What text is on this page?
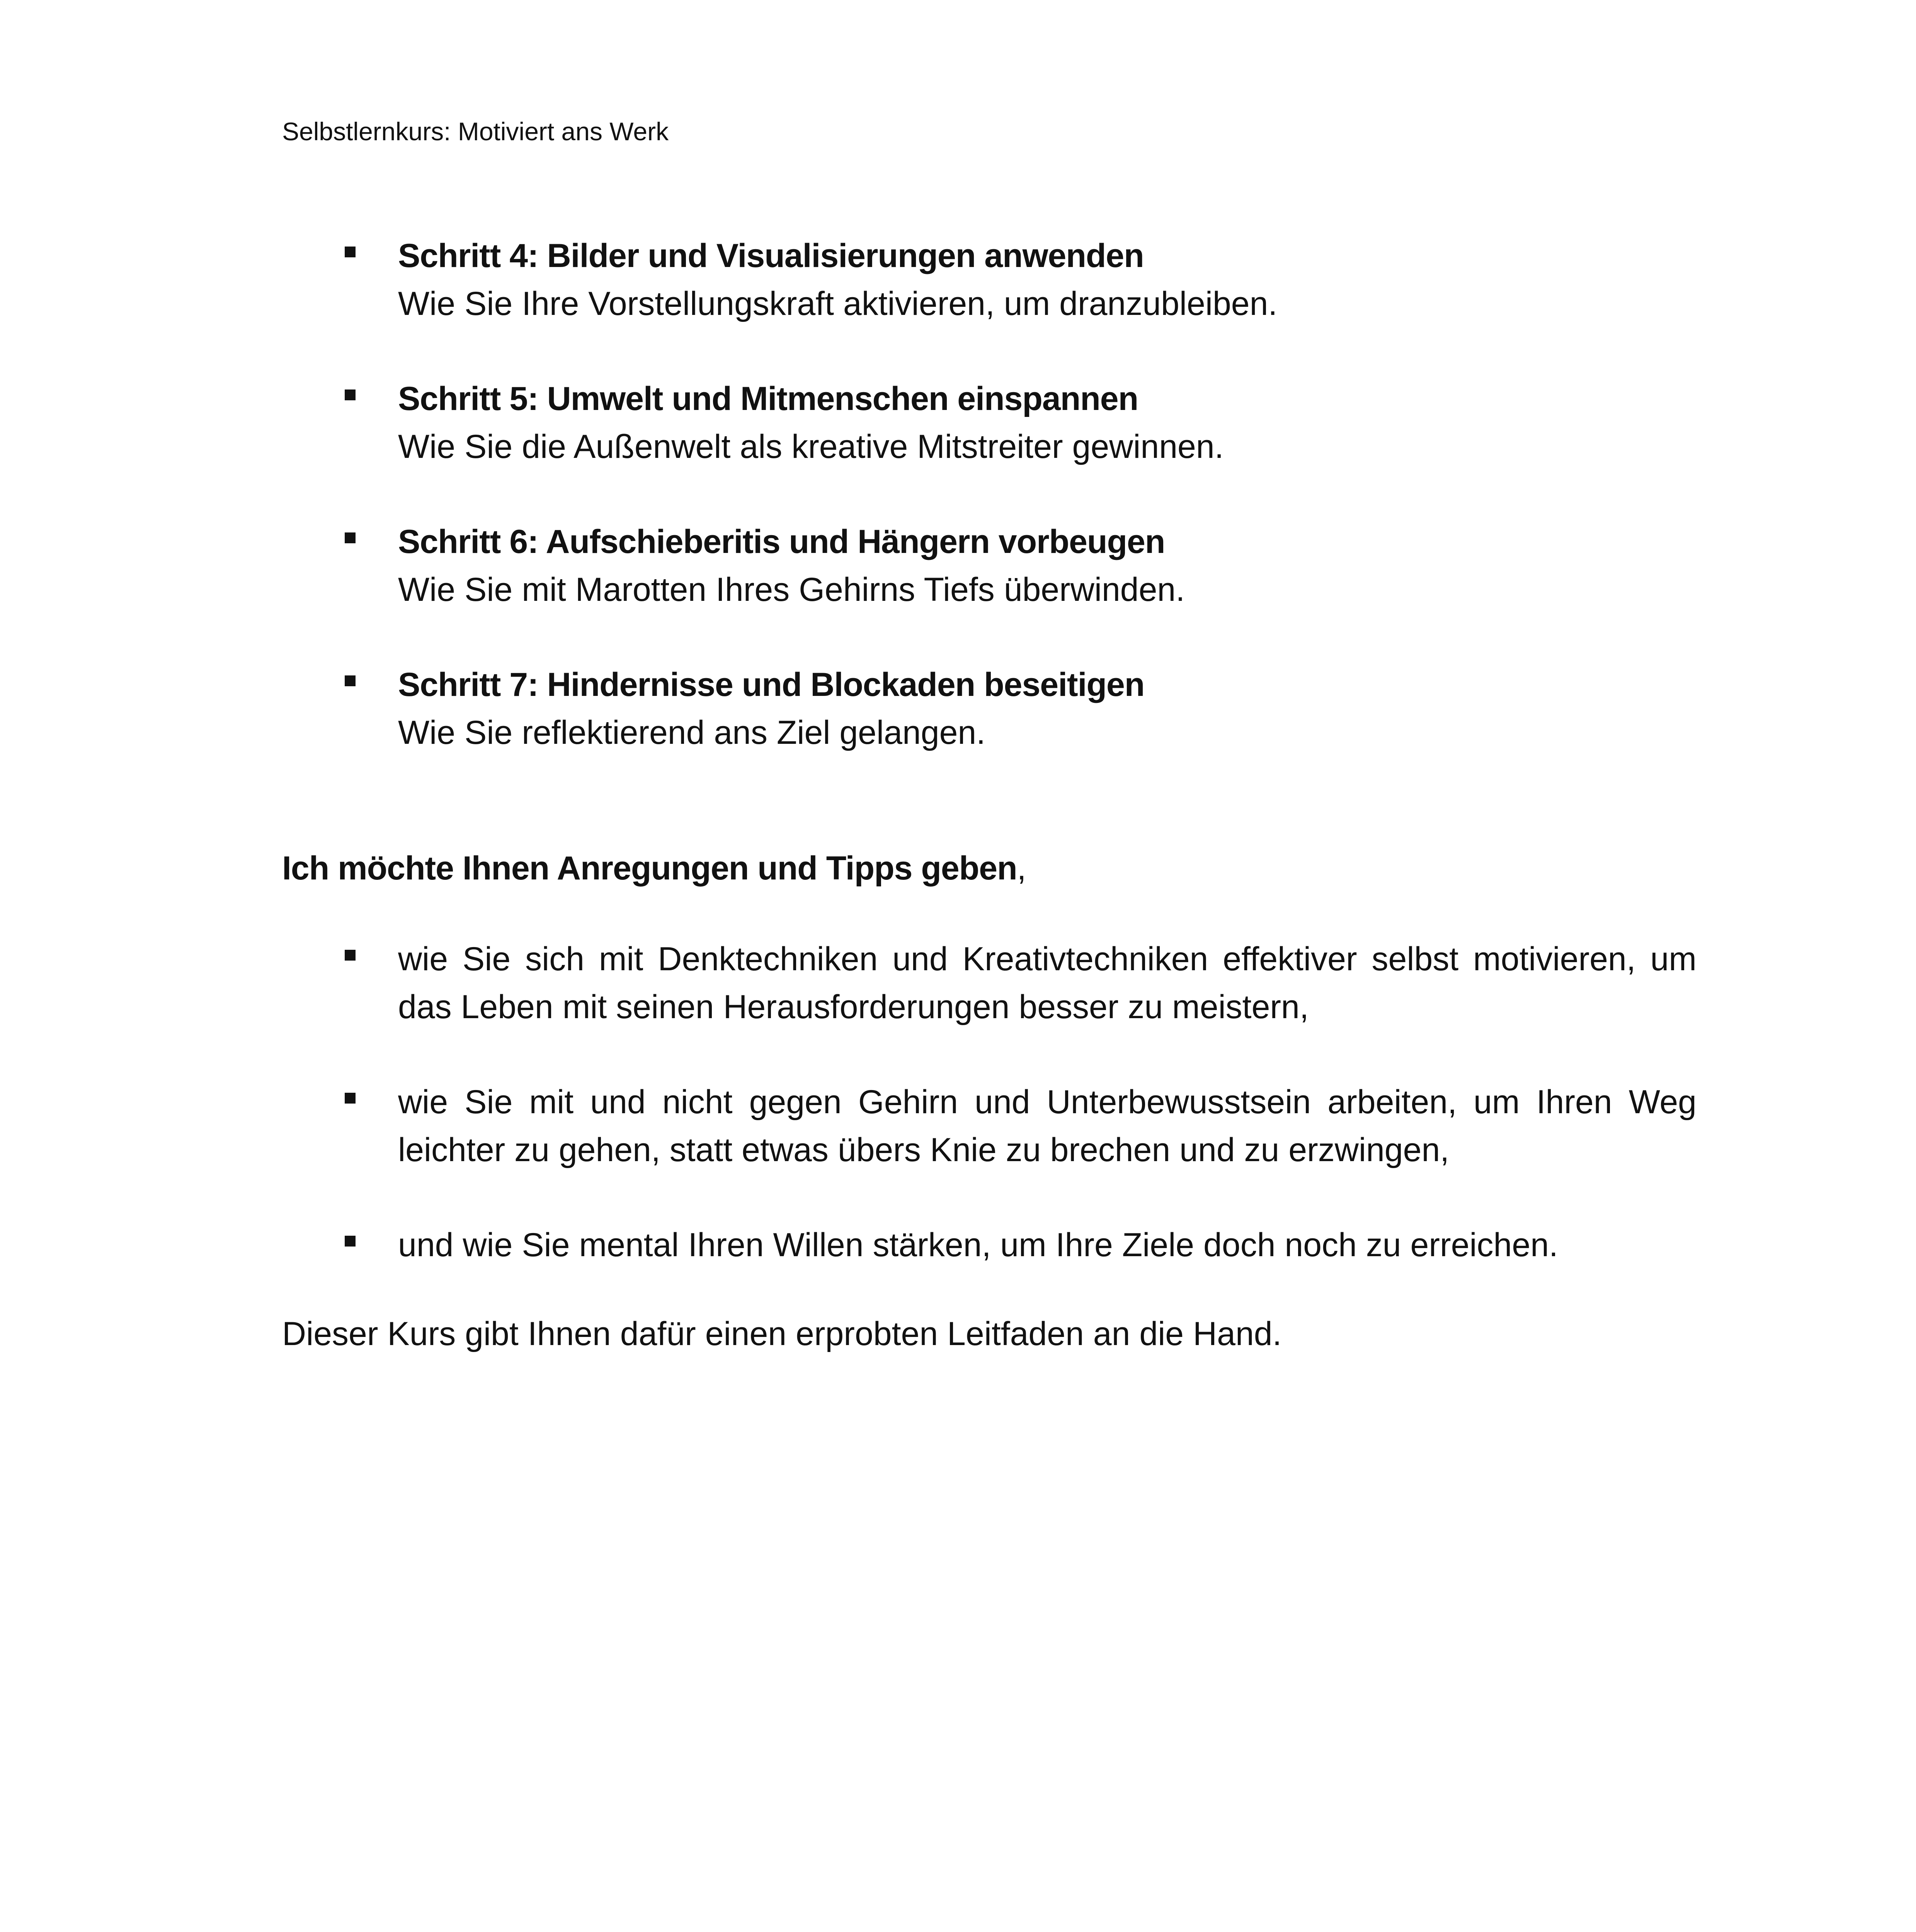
Selbstlernkurs: Motiviert ans Werk
Schritt 4: Bilder und Visualisierungen anwenden
Wie Sie Ihre Vorstellungskraft aktivieren, um dranzubleiben.
Schritt 5: Umwelt und Mitmenschen einspannen
Wie Sie die Außenwelt als kreative Mitstreiter gewinnen.
Schritt 6: Aufschieberitis und Hängern vorbeugen
Wie Sie mit Marotten Ihres Gehirns Tiefs überwinden.
Schritt 7: Hindernisse und Blockaden beseitigen
Wie Sie reflektierend ans Ziel gelangen.
Ich möchte Ihnen Anregungen und Tipps geben,
wie Sie sich mit Denktechniken und Kreativtechniken effektiver selbst motivieren, um das Leben mit seinen Herausforderungen besser zu meistern,
wie Sie mit und nicht gegen Gehirn und Unterbewusstsein arbeiten, um Ihren Weg leichter zu gehen, statt etwas übers Knie zu brechen und zu erzwingen,
und wie Sie mental Ihren Willen stärken, um Ihre Ziele doch noch zu erreichen.
Dieser Kurs gibt Ihnen dafür einen erprobten Leitfaden an die Hand.
